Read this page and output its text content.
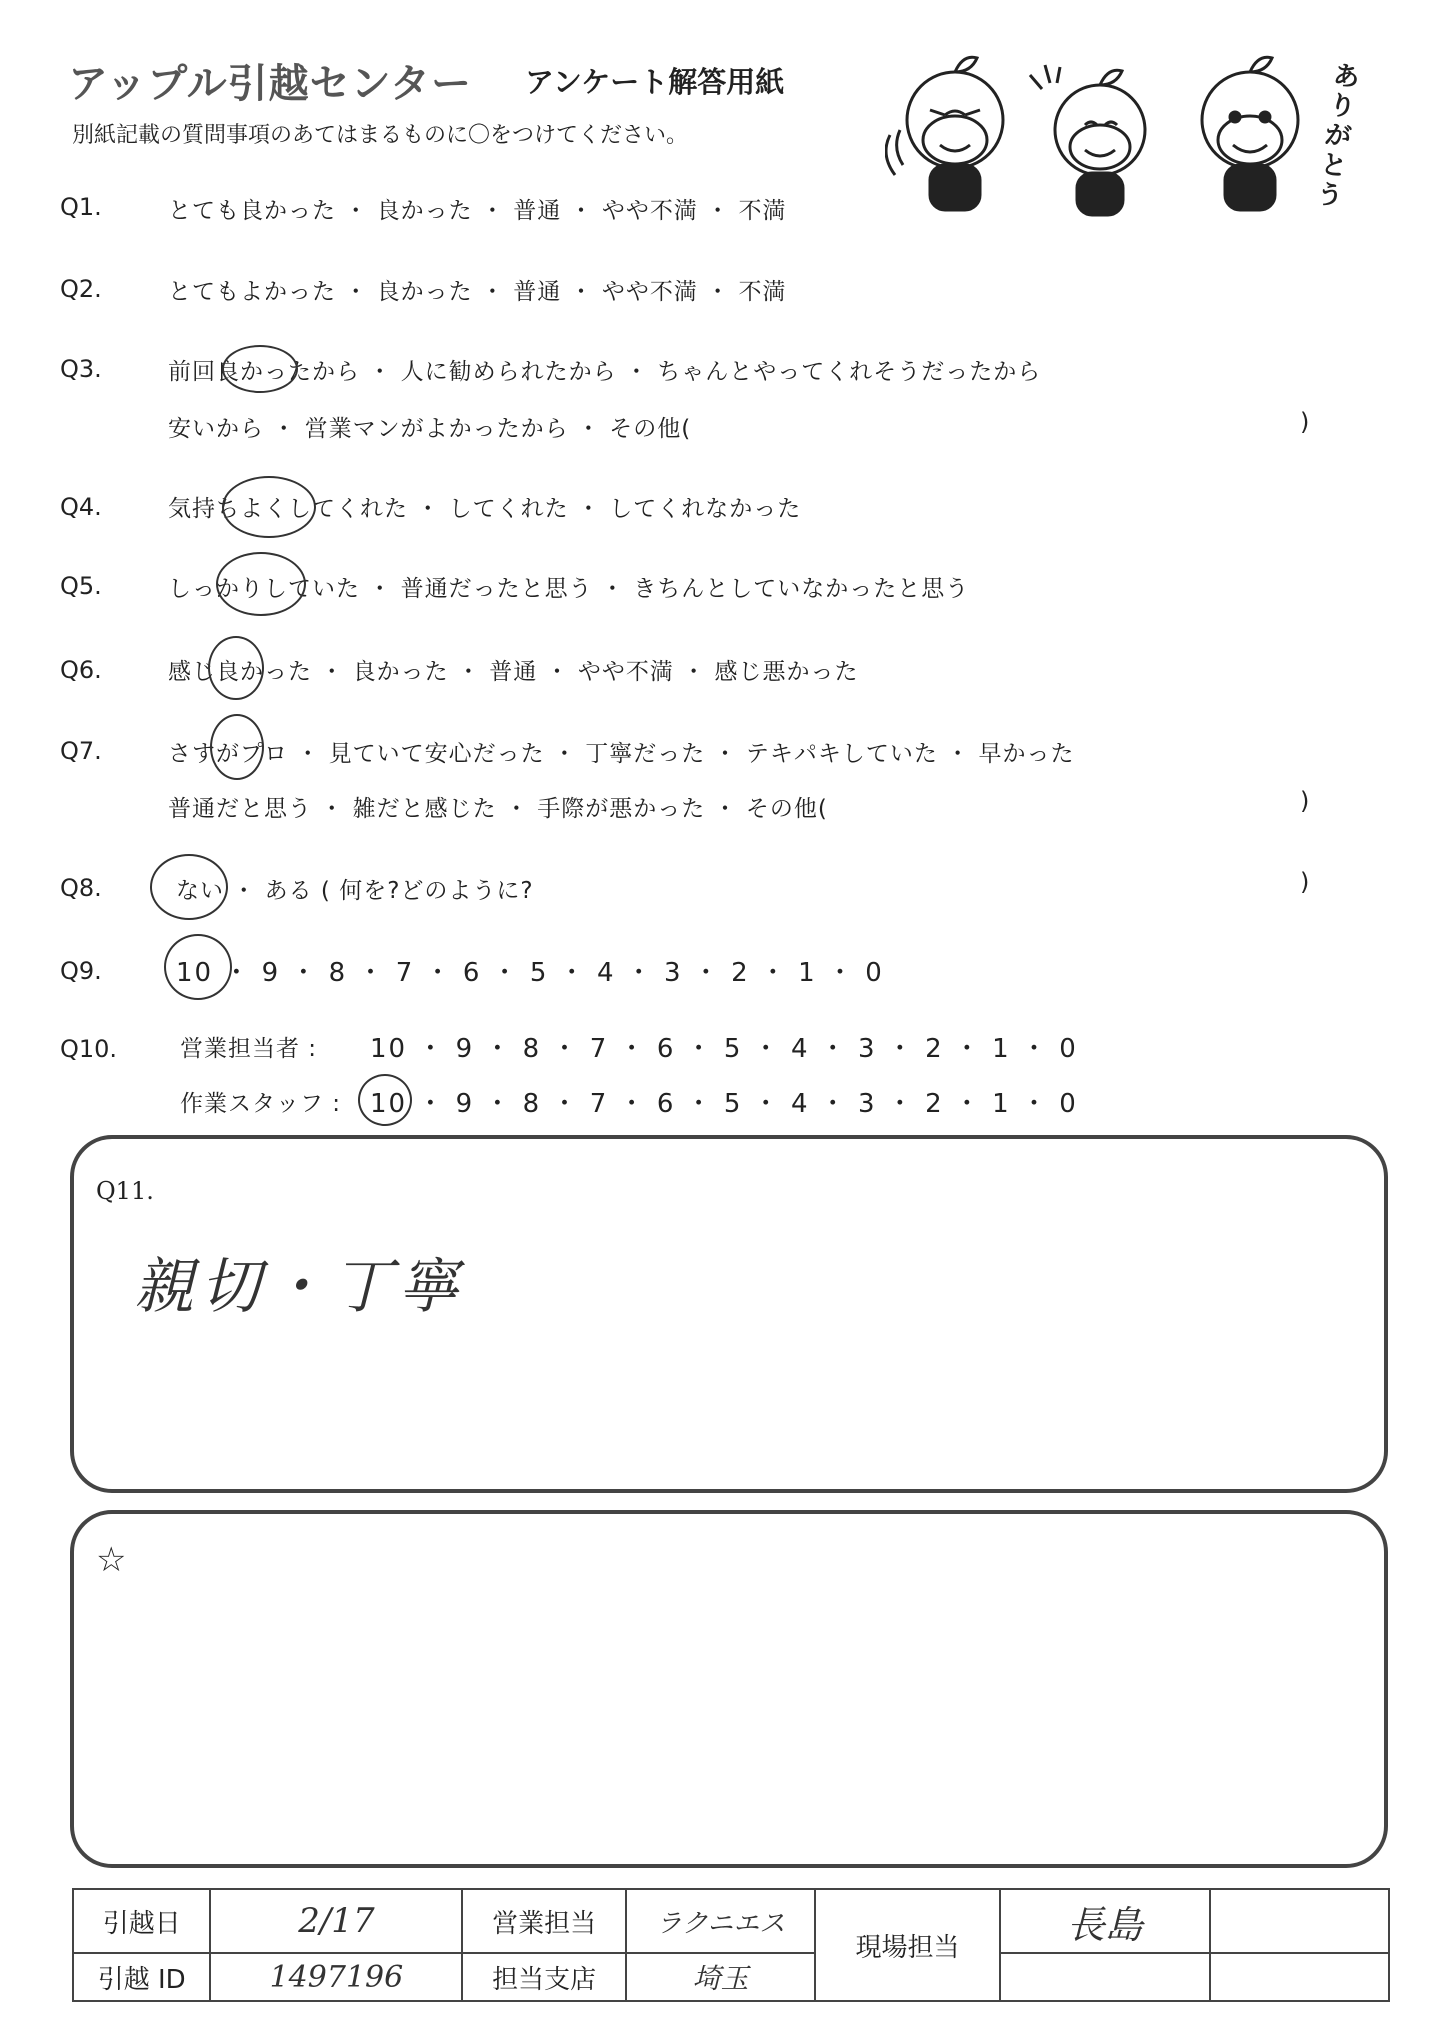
アップル引越センター アンケート解答用紙
別紙記載の質問事項のあてはまるものに〇をつけてください。
ありがとう
Q1.	とても良かった ・ 良かった ・ 普通 ・ やや不満 ・ 不満
Q2.	とてもよかった ・ 良かった ・ 普通 ・ やや不満 ・ 不満
Q3.	前回良かったから ・ 人に勧められたから ・ ちゃんとやってくれそうだったから
安いから ・ 営業マンがよかったから ・ その他(	)
Q4.	気持ちよくしてくれた ・ してくれた ・ してくれなかった
Q5.	しっかりしていた ・ 普通だったと思う ・ きちんとしていなかったと思う
Q6.	感じ良かった ・ 良かった ・ 普通 ・ やや不満 ・ 感じ悪かった
Q7.	さすがプロ ・ 見ていて安心だった ・ 丁寧だった ・ テキパキしていた ・ 早かった
普通だと思う ・ 雑だと感じた ・ 手際が悪かった ・ その他(	)
Q8.	ない ・ ある ( 何を?どのように?	)
Q9.	10 ・ 9 ・ 8 ・ 7 ・ 6 ・ 5 ・ 4 ・ 3 ・ 2 ・ 1 ・ 0
Q10.	営業担当者 : 10 ・ 9 ・ 8 ・ 7 ・ 6 ・ 5 ・ 4 ・ 3 ・ 2 ・ 1 ・ 0
作業スタッフ : 10 ・ 9 ・ 8 ・ 7 ・ 6 ・ 5 ・ 4 ・ 3 ・ 2 ・ 1 ・ 0
Q11.
親切・丁寧
☆
引越日	2/17	営業担当	ラクニエス	現場担当	長島	
引越 ID	1497196	担当支店	埼玉			
